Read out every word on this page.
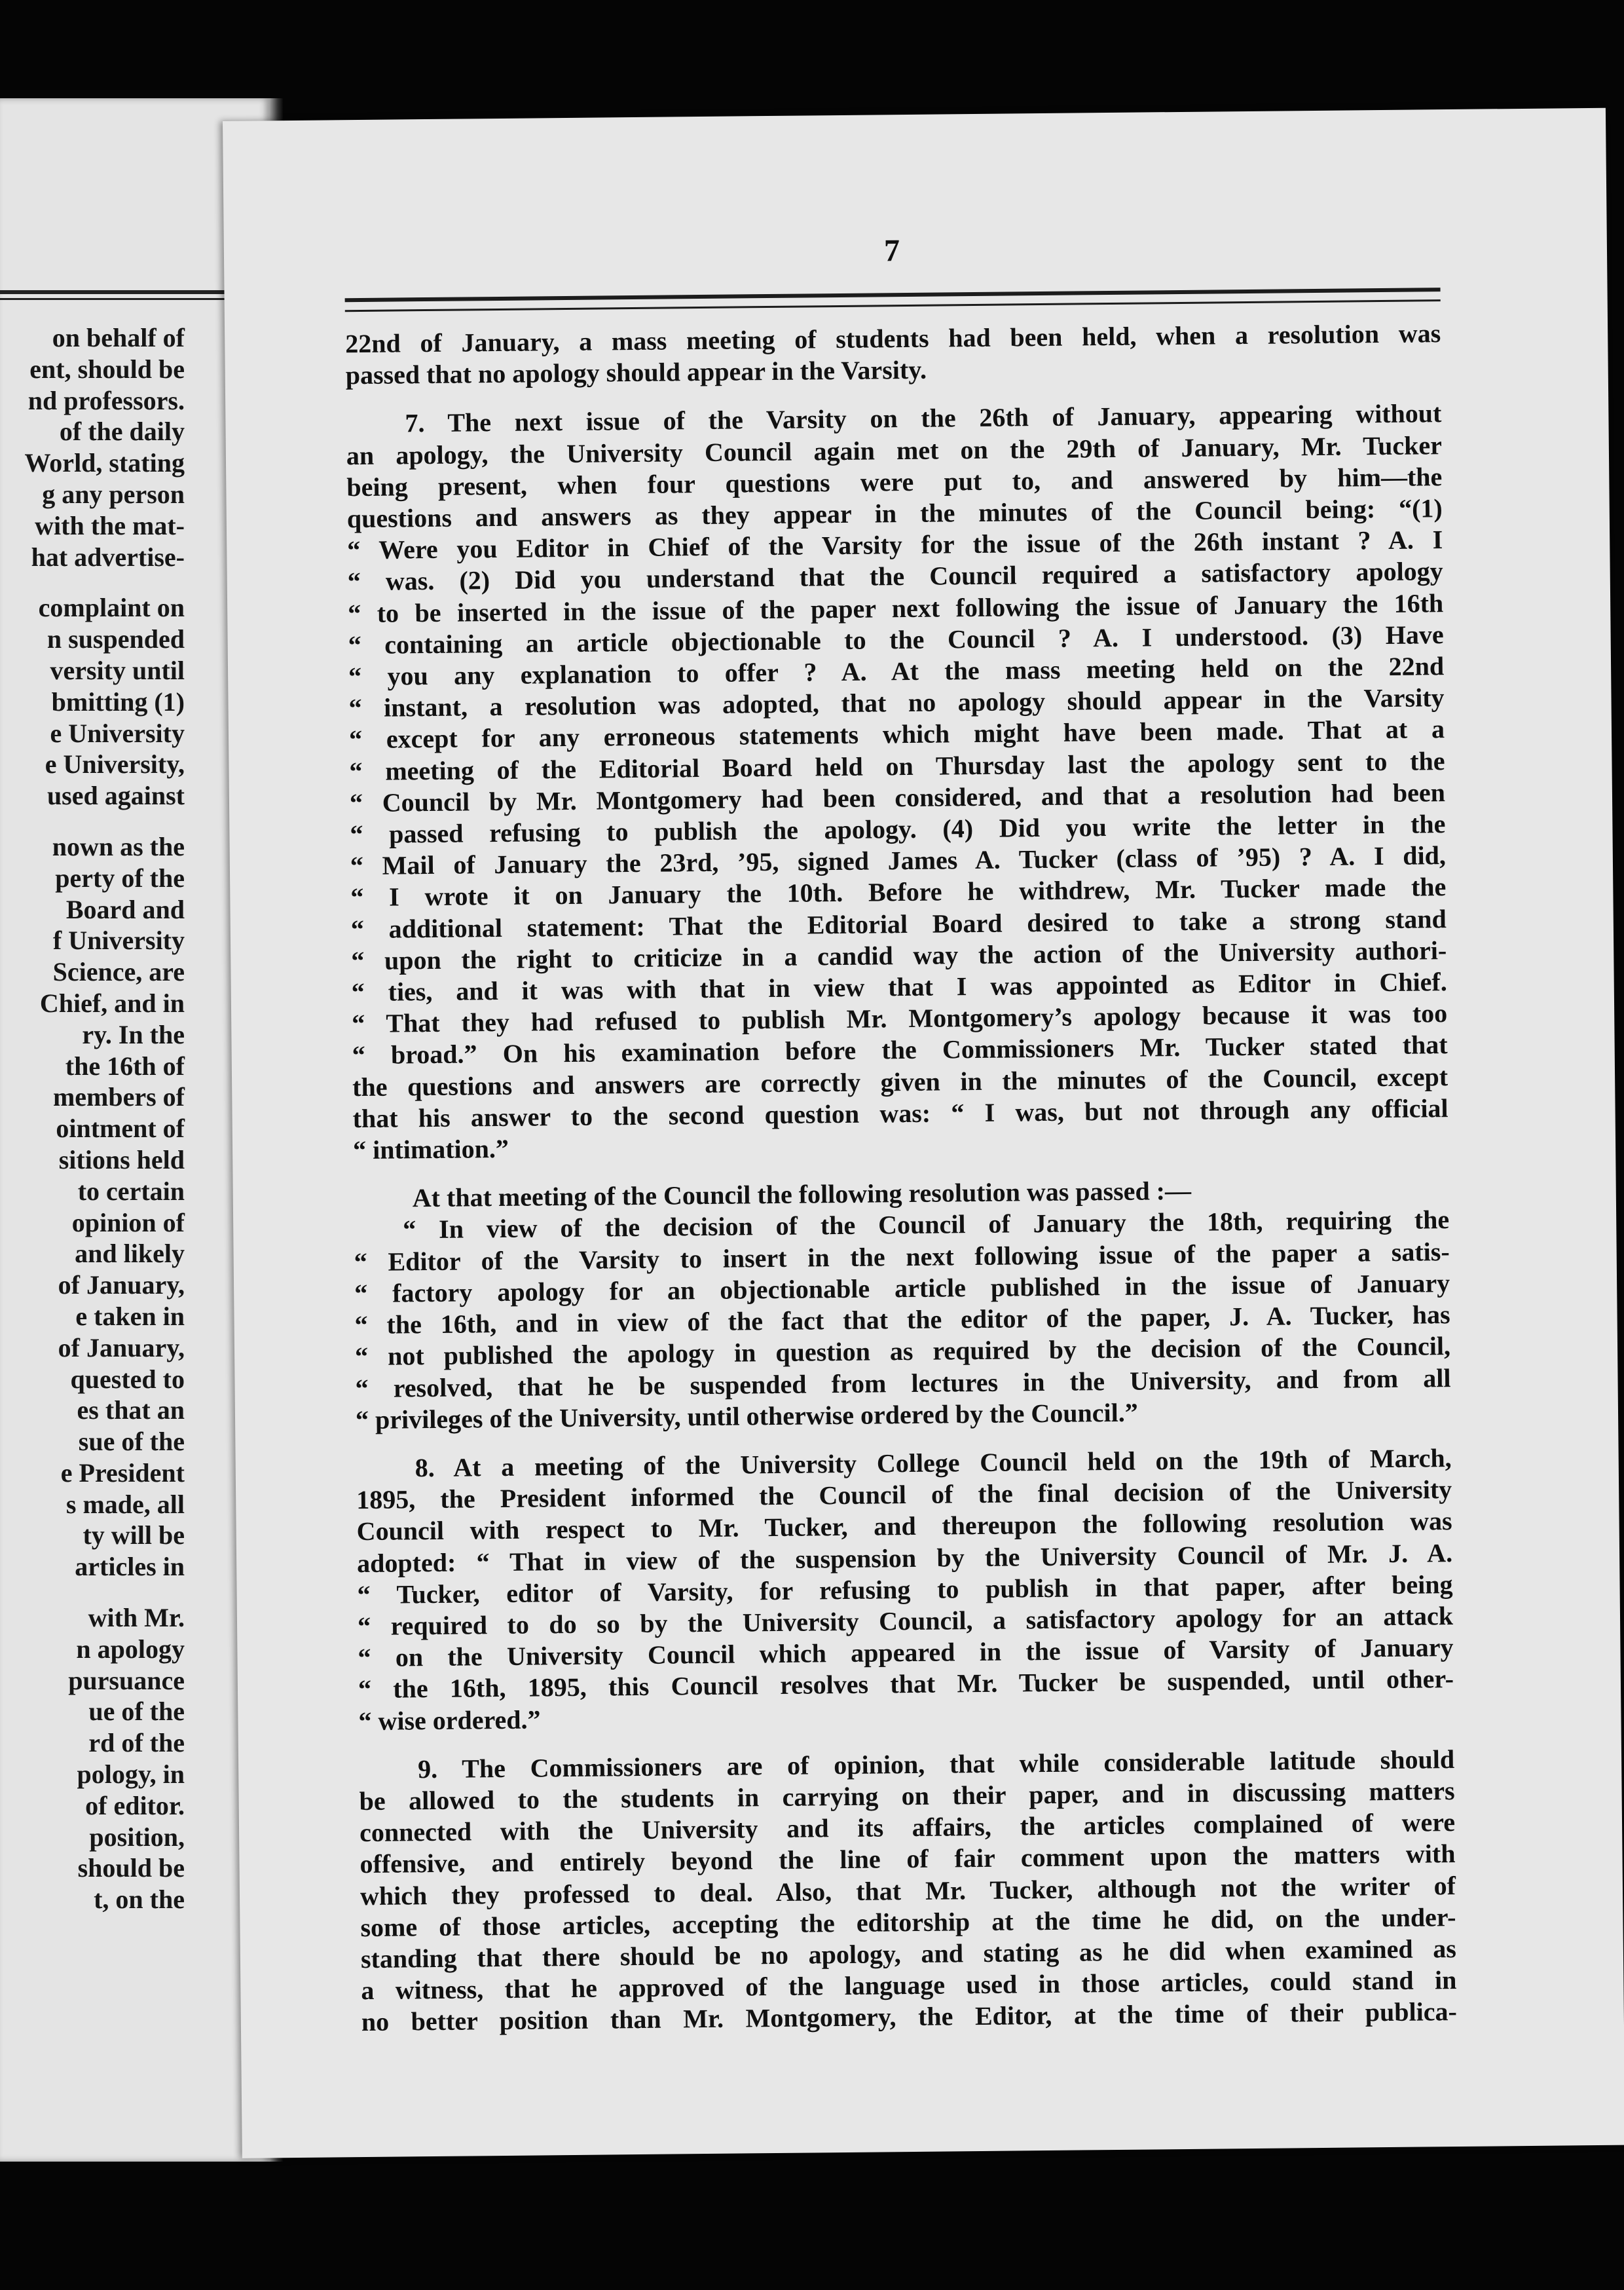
on behalf of
ent, should be
nd professors.
of the daily
World, stating
g any person
with the mat-
hat advertise-
complaint on
n suspended
versity until
bmitting (1)
e University
e University,
used against
nown as the
perty of the
Board and
f University
Science, are
Chief, and in
ry. In the
the 16th of
members of
ointment of
sitions held
to certain
opinion of
and likely
of January,
e taken in
of January,
quested to
es that an
sue of the
e President
s made, all
ty will be
articles in
with Mr.
n apology
pursuance
ue of the
rd of the
pology, in
of editor.
position,
should be
t, on the
7
22nd of January, a mass meeting of students had been held, when a resolution was
passed that no apology should appear in the Varsity.
7. The next issue of the Varsity on the 26th of January, appearing without
an apology, the University Council again met on the 29th of January, Mr. Tucker
being present, when four questions were put to, and answered by him—the
questions and answers as they appear in the minutes of the Council being: “(1)
“ Were you Editor in Chief of the Varsity for the issue of the 26th instant ? A. I
“ was. (2) Did you understand that the Council required a satisfactory apology
“ to be inserted in the issue of the paper next following the issue of January the 16th
“ containing an article objectionable to the Council ? A. I understood. (3) Have
“ you any explanation to offer ? A. At the mass meeting held on the 22nd
“ instant, a resolution was adopted, that no apology should appear in the Varsity
“ except for any erroneous statements which might have been made. That at a
“ meeting of the Editorial Board held on Thursday last the apology sent to the
“ Council by Mr. Montgomery had been considered, and that a resolution had been
“ passed refusing to publish the apology. (4) Did you write the letter in the
“ Mail of January the 23rd, ’95, signed James A. Tucker (class of ’95) ? A. I did,
“ I wrote it on January the 10th. Before he withdrew, Mr. Tucker made the
“ additional statement: That the Editorial Board desired to take a strong stand
“ upon the right to criticize in a candid way the action of the University authori-
“ ties, and it was with that in view that I was appointed as Editor in Chief.
“ That they had refused to publish Mr. Montgomery’s apology because it was too
“ broad.” On his examination before the Commissioners Mr. Tucker stated that
the questions and answers are correctly given in the minutes of the Council, except
that his answer to the second question was: “ I was, but not through any official
“ intimation.”
At that meeting of the Council the following resolution was passed :—
“ In view of the decision of the Council of January the 18th, requiring the
“ Editor of the Varsity to insert in the next following issue of the paper a satis-
“ factory apology for an objectionable article published in the issue of January
“ the 16th, and in view of the fact that the editor of the paper, J. A. Tucker, has
“ not published the apology in question as required by the decision of the Council,
“ resolved, that he be suspended from lectures in the University, and from all
“ privileges of the University, until otherwise ordered by the Council.”
8. At a meeting of the University College Council held on the 19th of March,
1895, the President informed the Council of the final decision of the University
Council with respect to Mr. Tucker, and thereupon the following resolution was
adopted: “ That in view of the suspension by the University Council of Mr. J. A.
“ Tucker, editor of Varsity, for refusing to publish in that paper, after being
“ required to do so by the University Council, a satisfactory apology for an attack
“ on the University Council which appeared in the issue of Varsity of January
“ the 16th, 1895, this Council resolves that Mr. Tucker be suspended, until other-
“ wise ordered.”
9. The Commissioners are of opinion, that while considerable latitude should
be allowed to the students in carrying on their paper, and in discussing matters
connected with the University and its affairs, the articles complained of were
offensive, and entirely beyond the line of fair comment upon the matters with
which they professed to deal. Also, that Mr. Tucker, although not the writer of
some of those articles, accepting the editorship at the time he did, on the under-
standing that there should be no apology, and stating as he did when examined as
a witness, that he approved of the language used in those articles, could stand in
no better position than Mr. Montgomery, the Editor, at the time of their publica-
